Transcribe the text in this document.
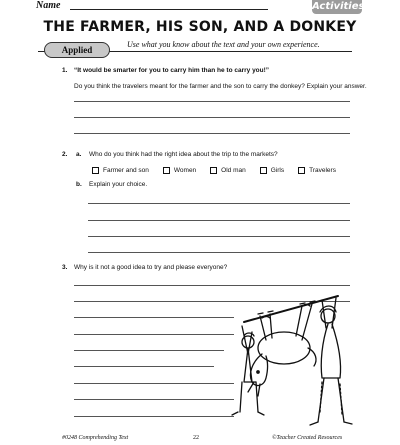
Name	Activities
THE FARMER, HIS SON, AND A DONKEY
Applied
Use what you know about the text and your own experience.
1. “It would be smarter for you to carry him than he to carry you!”
Do you think the travelers meant for the farmer and the son to carry the donkey? Explain your answer.
2. a. Who do you think had the right idea about the trip to the markets?
Farmer and son	Women	Old man	Girls	Travelers
b. Explain your choice.
3. Why is it not a good idea to try and please everyone?
#0248 Comprehending Text	22	©Teacher Created Resources
